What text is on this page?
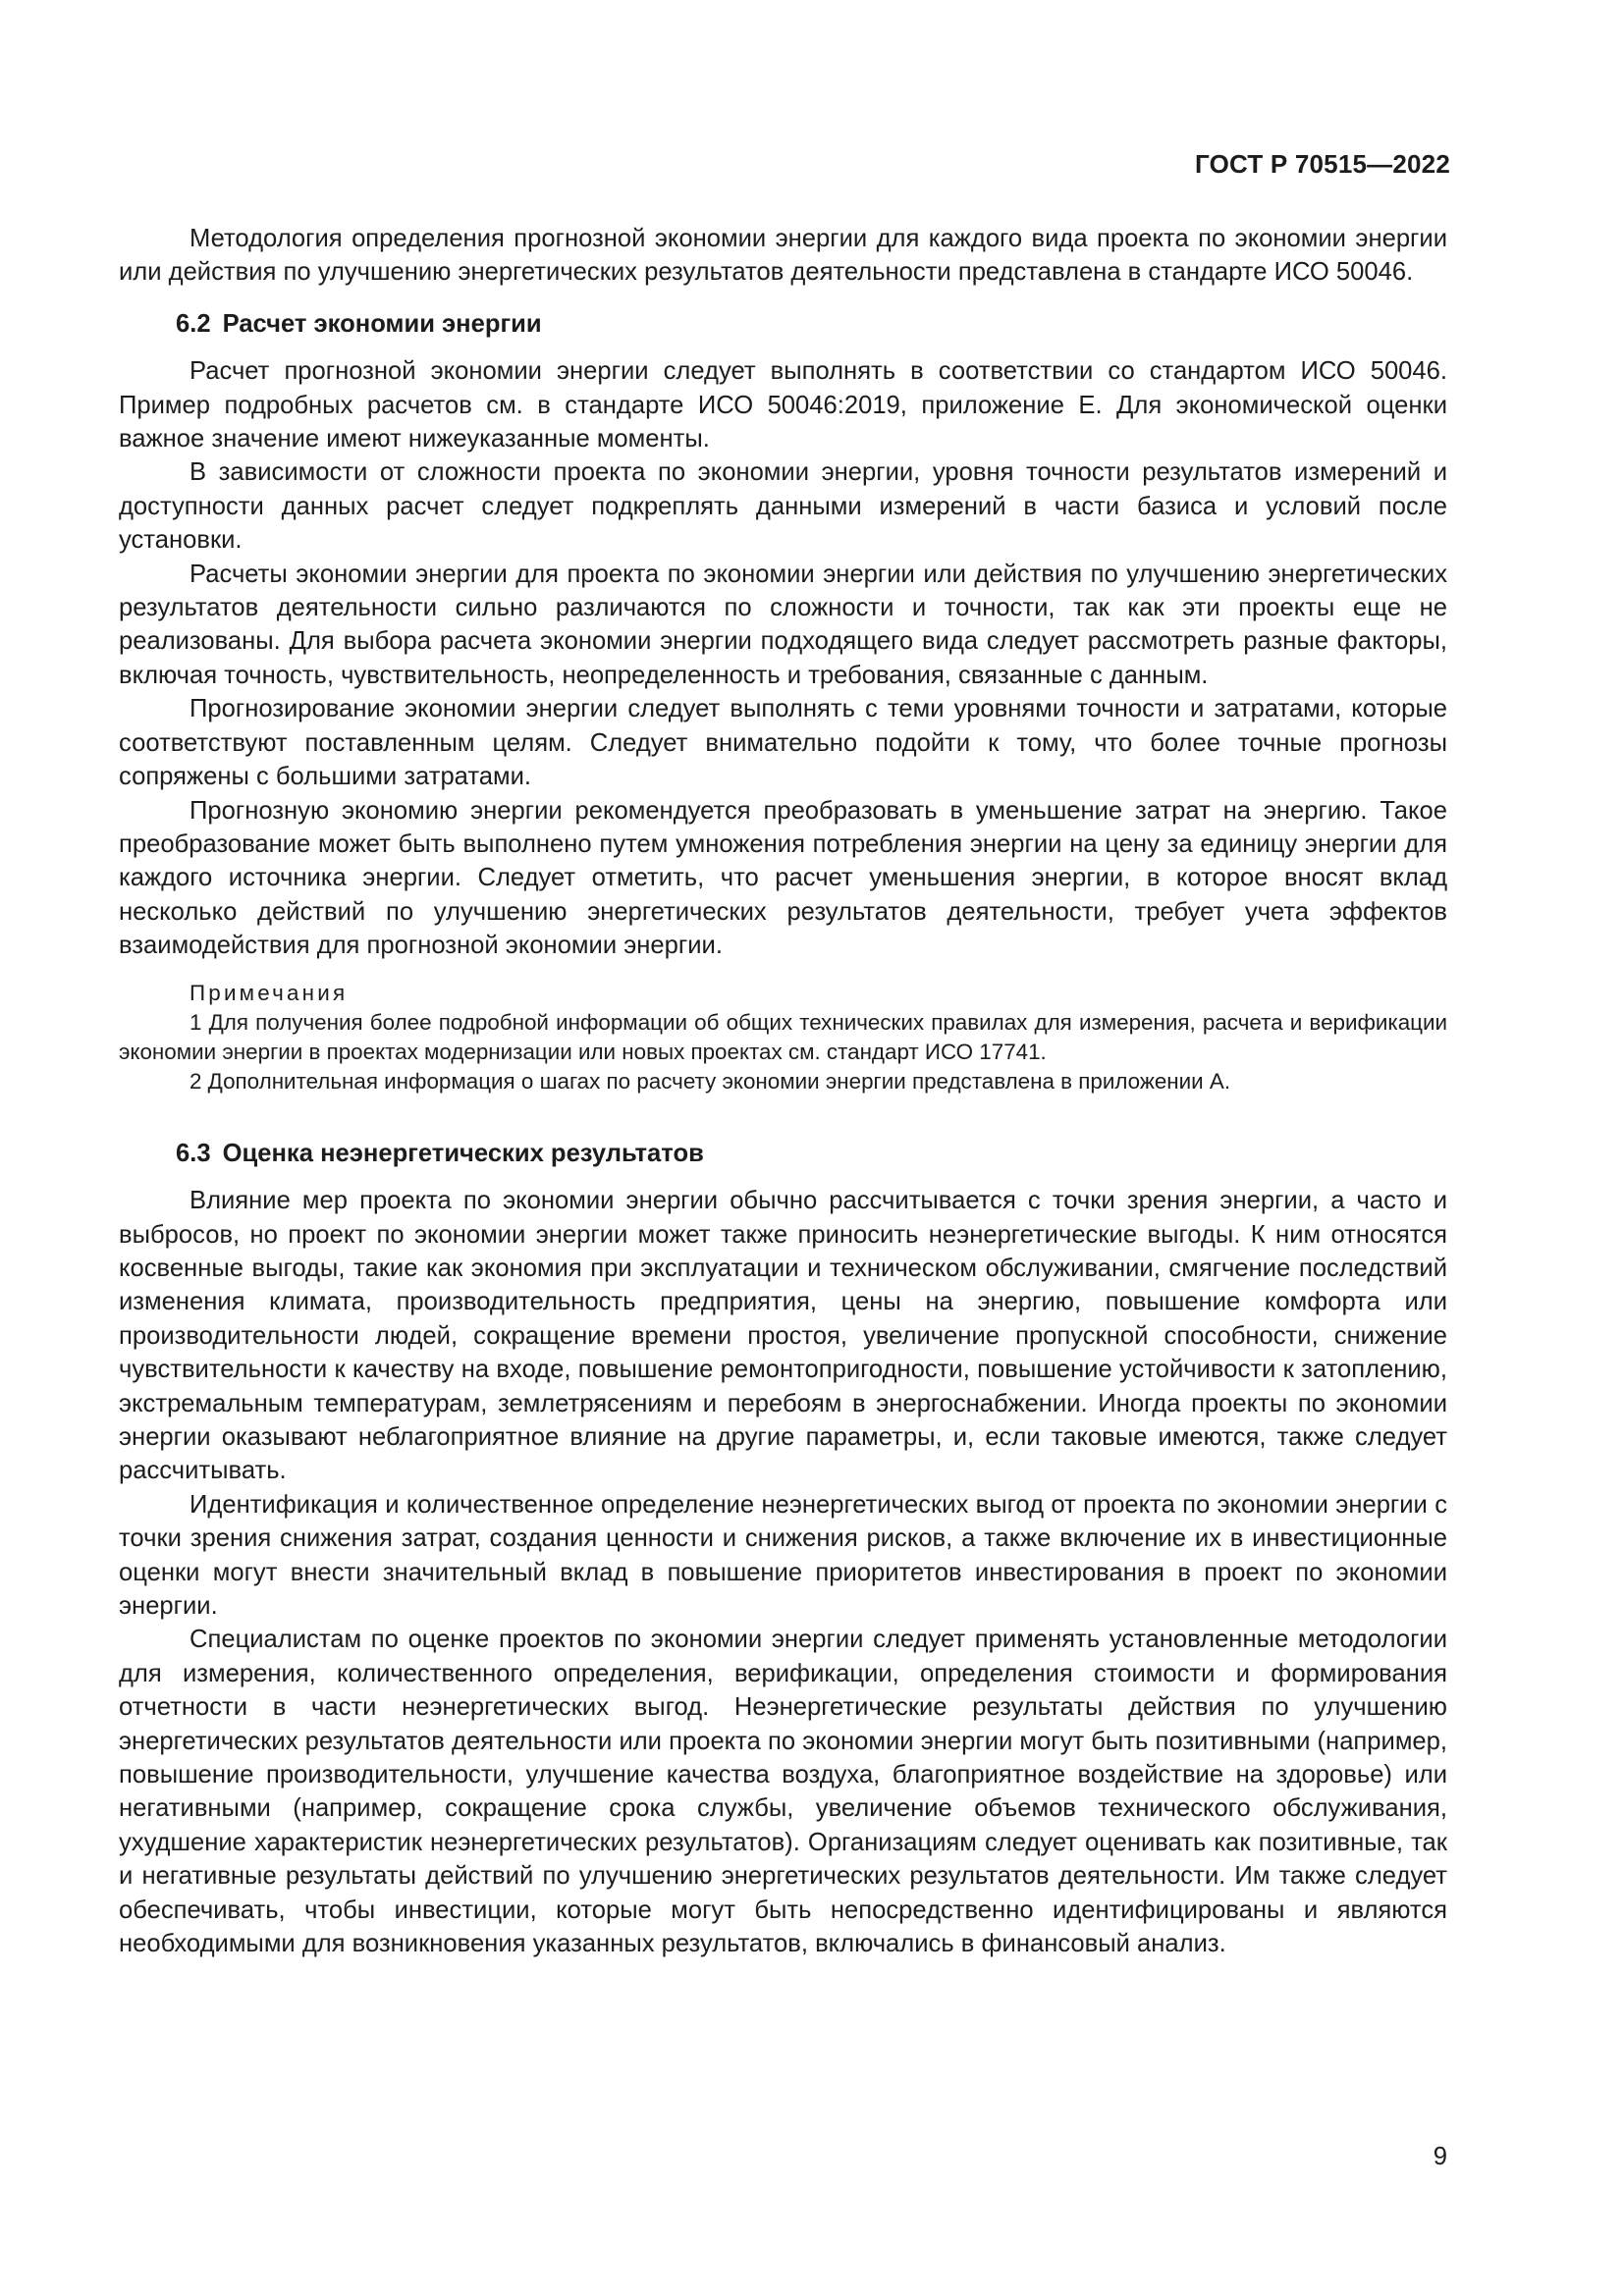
ГОСТ Р 70515—2022

Методология определения прогнозной экономии энергии для каждого вида проекта по экономии энергии или действия по улучшению энергетических результатов деятельности представлена в стандарте ИСО 50046.

6.2 Расчет экономии энергии

Расчет прогнозной экономии энергии следует выполнять в соответствии со стандартом ИСО 50046. Пример подробных расчетов см. в стандарте ИСО 50046:2019, приложение Е. Для экономической оценки важное значение имеют нижеуказанные моменты.

В зависимости от сложности проекта по экономии энергии, уровня точности результатов измерений и доступности данных расчет следует подкреплять данными измерений в части базиса и условий после установки.

Расчеты экономии энергии для проекта по экономии энергии или действия по улучшению энергетических результатов деятельности сильно различаются по сложности и точности, так как эти проекты еще не реализованы. Для выбора расчета экономии энергии подходящего вида следует рассмотреть разные факторы, включая точность, чувствительность, неопределенность и требования, связанные с данным.

Прогнозирование экономии энергии следует выполнять с теми уровнями точности и затратами, которые соответствуют поставленным целям. Следует внимательно подойти к тому, что более точные прогнозы сопряжены с большими затратами.

Прогнозную экономию энергии рекомендуется преобразовать в уменьшение затрат на энергию. Такое преобразование может быть выполнено путем умножения потребления энергии на цену за единицу энергии для каждого источника энергии. Следует отметить, что расчет уменьшения энергии, в которое вносят вклад несколько действий по улучшению энергетических результатов деятельности, требует учета эффектов взаимодействия для прогнозной экономии энергии.

Примечания

1 Для получения более подробной информации об общих технических правилах для измерения, расчета и верификации экономии энергии в проектах модернизации или новых проектах см. стандарт ИСО 17741.

2 Дополнительная информация о шагах по расчету экономии энергии представлена в приложении А.

6.3 Оценка неэнергетических результатов

Влияние мер проекта по экономии энергии обычно рассчитывается с точки зрения энергии, а часто и выбросов, но проект по экономии энергии может также приносить неэнергетические выгоды. К ним относятся косвенные выгоды, такие как экономия при эксплуатации и техническом обслуживании, смягчение последствий изменения климата, производительность предприятия, цены на энергию, повышение комфорта или производительности людей, сокращение времени простоя, увеличение пропускной способности, снижение чувствительности к качеству на входе, повышение ремонтопригодности, повышение устойчивости к затоплению, экстремальным температурам, землетрясениям и перебоям в энергоснабжении. Иногда проекты по экономии энергии оказывают неблагоприятное влияние на другие параметры, и, если таковые имеются, также следует рассчитывать.

Идентификация и количественное определение неэнергетических выгод от проекта по экономии энергии с точки зрения снижения затрат, создания ценности и снижения рисков, а также включение их в инвестиционные оценки могут внести значительный вклад в повышение приоритетов инвестирования в проект по экономии энергии.

Специалистам по оценке проектов по экономии энергии следует применять установленные методологии для измерения, количественного определения, верификации, определения стоимости и формирования отчетности в части неэнергетических выгод. Неэнергетические результаты действия по улучшению энергетических результатов деятельности или проекта по экономии энергии могут быть позитивными (например, повышение производительности, улучшение качества воздуха, благоприятное воздействие на здоровье) или негативными (например, сокращение срока службы, увеличение объемов технического обслуживания, ухудшение характеристик неэнергетических результатов). Организациям следует оценивать как позитивные, так и негативные результаты действий по улучшению энергетических результатов деятельности. Им также следует обеспечивать, чтобы инвестиции, которые могут быть непосредственно идентифицированы и являются необходимыми для возникновения указанных результатов, включались в финансовый анализ.

9
